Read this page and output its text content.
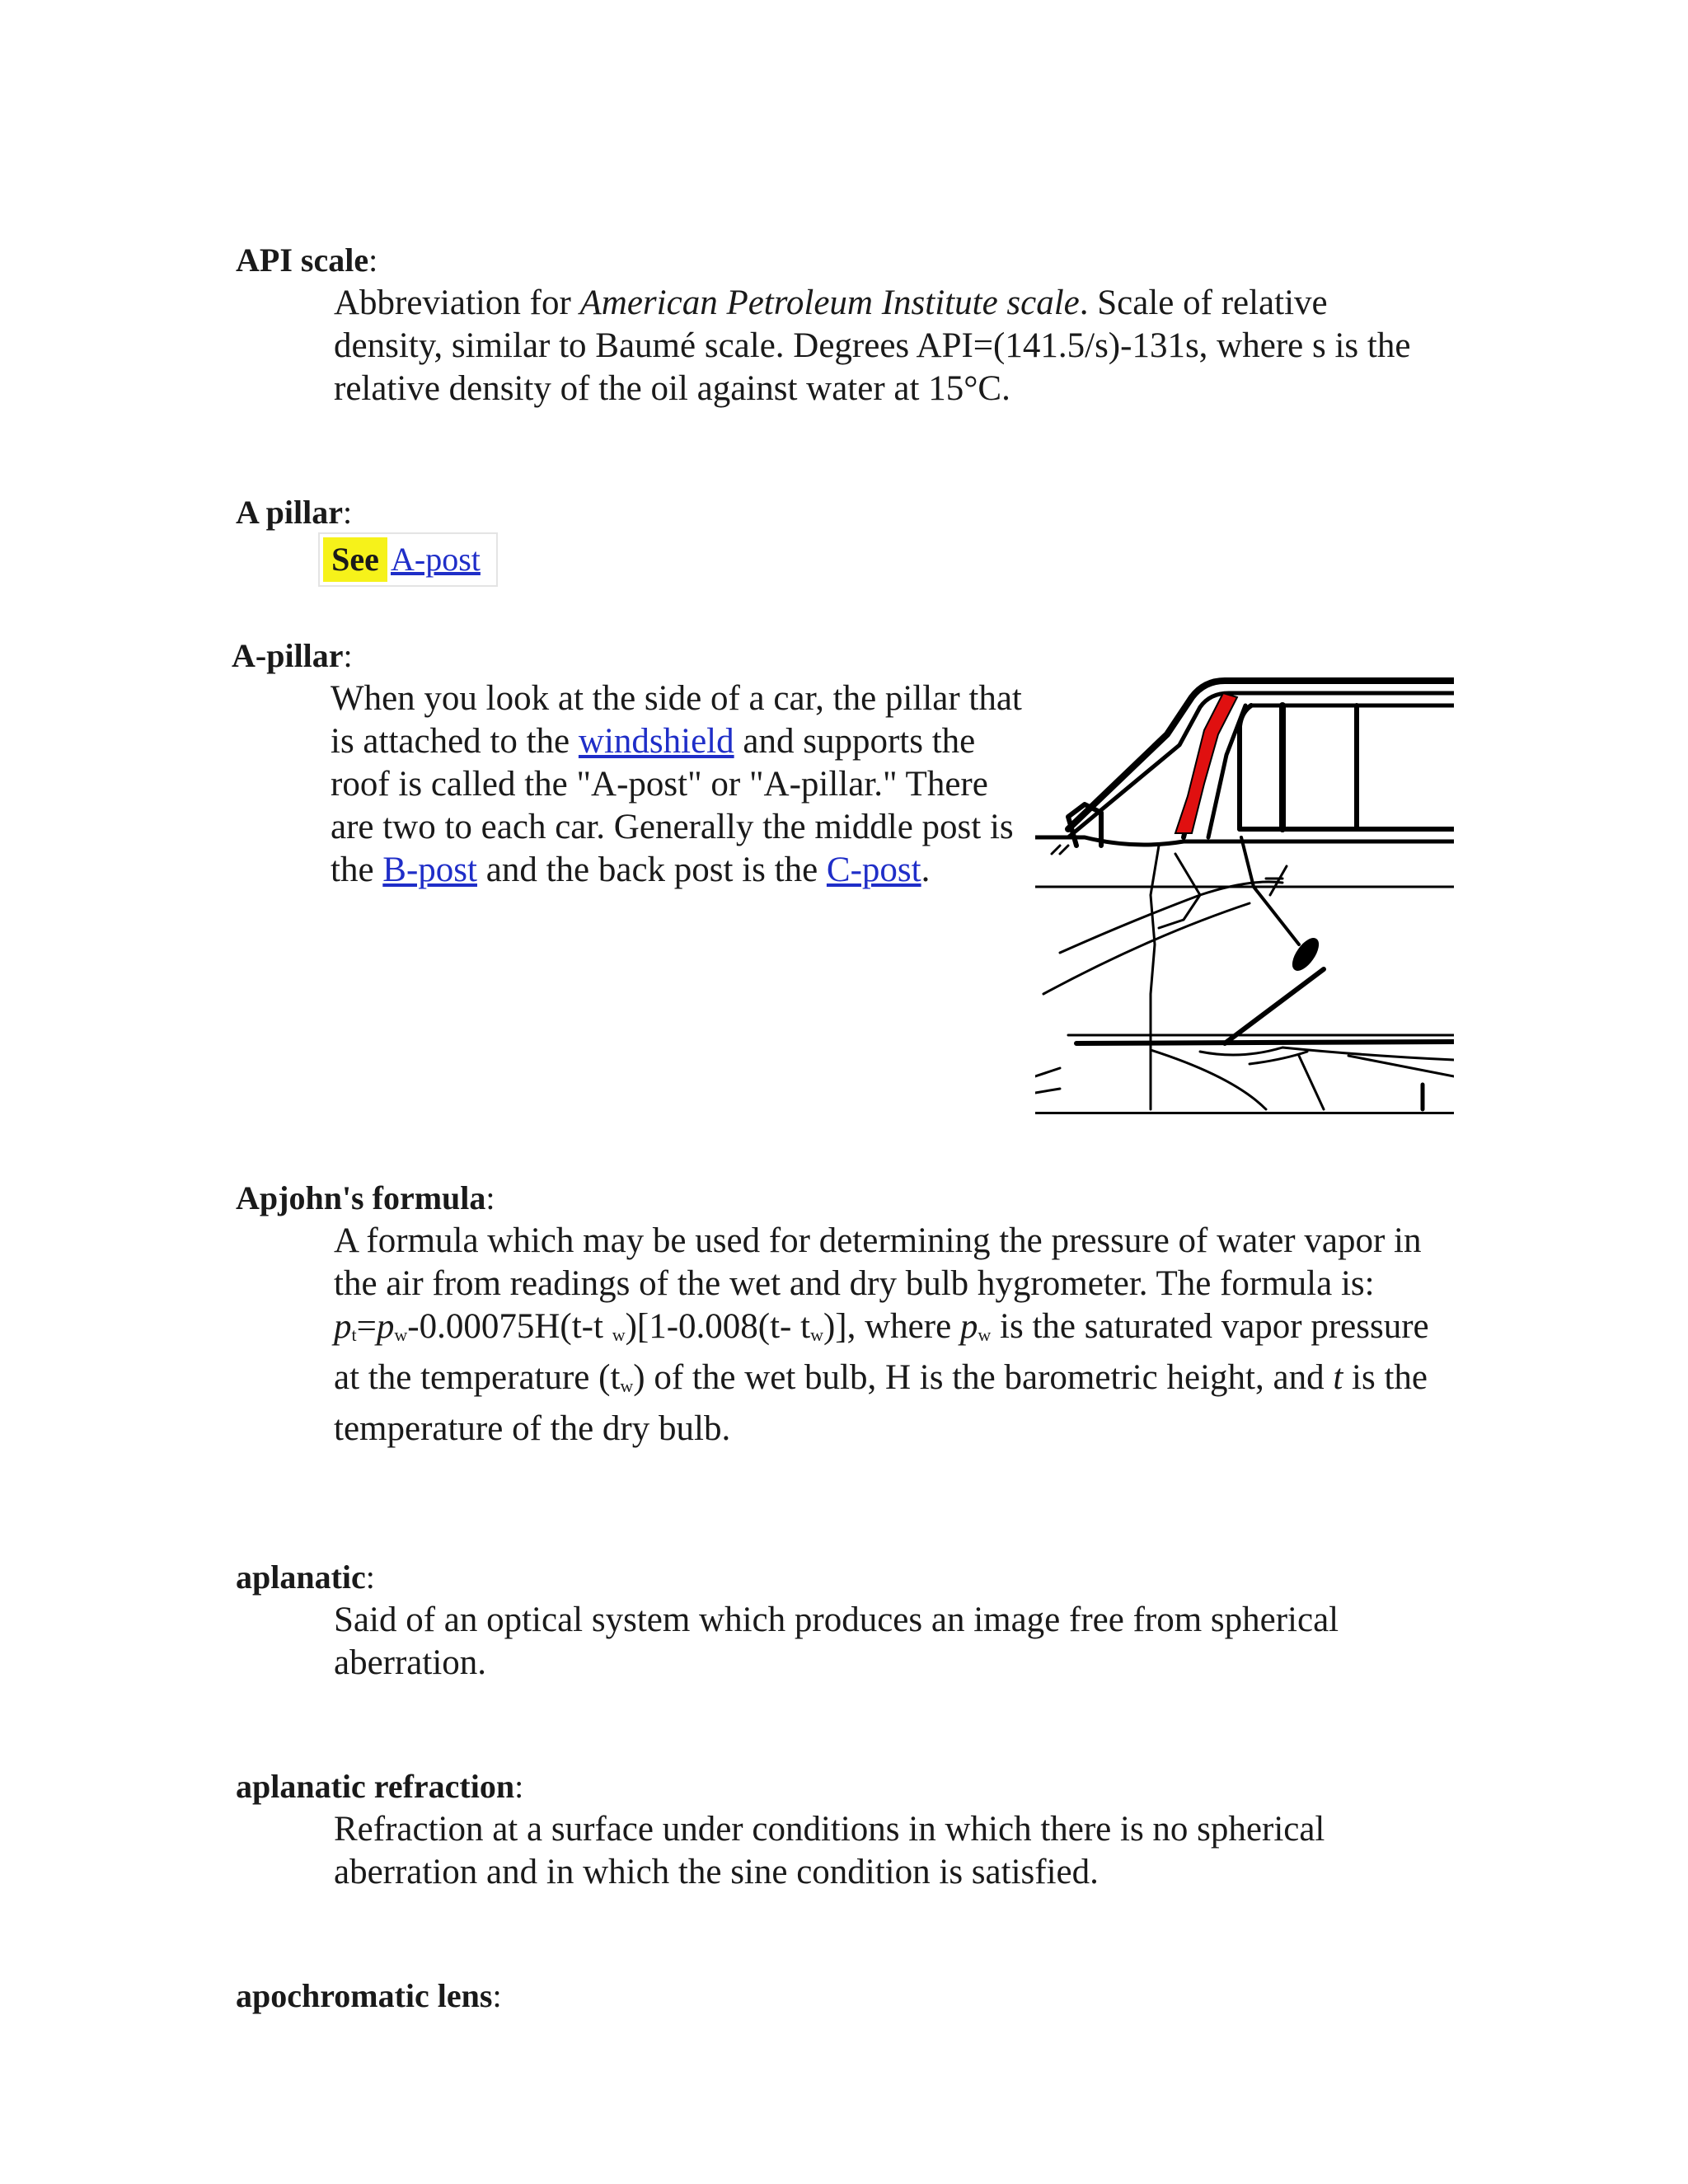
API scale:
Abbreviation for American Petroleum Institute scale. Scale of relative density, similar to Baumé scale. Degrees API=(141.5/s)-131s, where s is the relative density of the oil against water at 15°C.
A pillar:
See A-post
A-pillar:
When you look at the side of a car, the pillar that is attached to the windshield and supports the roof is called the "A-post" or "A-pillar." There are two to each car. Generally the middle post is the B-post and the back post is the C-post.
Apjohn's formula:
A formula which may be used for determining the pressure of water vapor in the air from readings of the wet and dry bulb hygrometer. The formula is:
$p_t=p_w-0.00075H(t-t$ $_w$)[1-0.008(t- $t_w$)], where $p_w$ is the saturated vapor pressure at the temperature $(t_w)$ of the wet bulb, H is the barometric height, and t is the temperature of the dry bulb.
aplanatic:
Said of an optical system which produces an image free from spherical aberration.
aplanatic refraction:
Refraction at a surface under conditions in which there is no spherical aberration and in which the sine condition is satisfied.
apochromatic lens:
